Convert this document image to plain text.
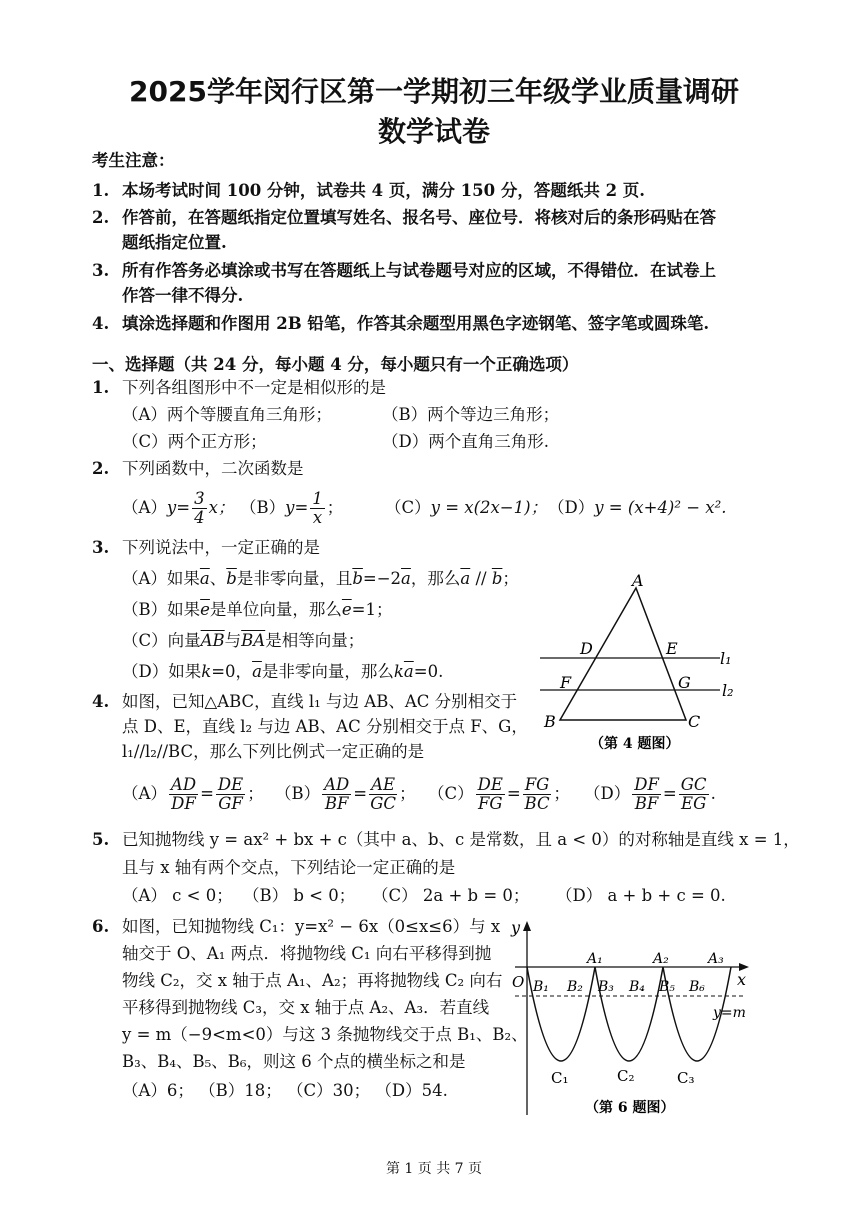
2025学年闵行区第一学期初三年级学业质量调研
数学试卷
考生注意：
1. 本场考试时间 100 分钟，试卷共 4 页，满分 150 分，答题纸共 2 页.
2. 作答前，在答题纸指定位置填写姓名、报名号、座位号．将核对后的条形码贴在答
题纸指定位置.
3. 所有作答务必填涂或书写在答题纸上与试卷题号对应的区域，不得错位．在试卷上
作答一律不得分.
4. 填涂选择题和作图用 2B 铅笔，作答其余题型用黑色字迹钢笔、签字笔或圆珠笔.
一、选择题（共 24 分，每小题 4 分，每小题只有一个正确选项）
1. 下列各组图形中不一定是相似形的是
（A）两个等腰直角三角形；	（B）两个等边三角形；
（C）两个正方形；	（D）两个直角三角形.
2. 下列函数中，二次函数是
（A） $y = \frac{3}{4}$ x； （B） $y = \frac{1}{x}$ ；	（C）y = x(2x−1)； （D）y = (x+4)² − x².
3. 下列说法中，一定正确的是
（A）如果$\overline{a}$、$\overline{b}$是非零向量，且$\overline{b}=-2\overline{a}$，那么$\overline{a} // \overline{b}$；
（B）如果$\overline{e}$是单位向量，那么$\overline{e}=1$；
（C）向量$\overline{AB}$与$\overline{BA}$是相等向量；
（D）如果k=0，$\overline{a}$是非零向量，那么$k\overline{a}=0$.
A
B	C
D	E
F	G
l₁
l₂
（第 4 题图）
4. 如图，已知△ABC，直线 l₁ 与边 AB、AC 分别相交于
点 D、E，直线 l₂ 与边 AB、AC 分别相交于点 F、G，
l₁//l₂//BC，那么下列比例式一定正确的是
$(A) \frac{AD}{DF} = \frac{DE}{GF}$ ； $(B) \frac{AD}{BF} = \frac{AE}{GC}$ ； $(C) \frac{DE}{FG} = \frac{FG}{BC}$ ； $(D) \frac{DF}{BF} = \frac{GC}{EG}$ .
5. 已知抛物线 y = ax² + bx + c（其中 a、b、c 是常数，且 a < 0）的对称轴是直线 x = 1，
且与 x 轴有两个交点，下列结论一定正确的是
（A） c < 0； （B） b < 0； （C） 2a + b = 0； （D） a + b + c = 0.
6. 如图，已知抛物线 C₁：y=x² − 6x（0≤x≤6）与 x
轴交于 O、A₁ 两点．将抛物线 C₁ 向右平移得到抛
物线 C₂，交 x 轴于点 A₁、A₂；再将抛物线 C₂ 向右
平移得到抛物线 C₃，交 x 轴于点 A₂、A₃．若直线
y = m（−9<m<0）与这 3 条抛物线交于点 B₁、B₂、
B₃、B₄、B₅、B₆，则这 6 个点的横坐标之和是
（A）6； （B）18； （C）30； （D）54.
y
x
O
A₁	A₂	A₃
B₁ B₂ B₃ B₄ B₅ B₆
y=m
C₁	C₂	C₃
（第 6 题图）
第 1 页 共 7 页
